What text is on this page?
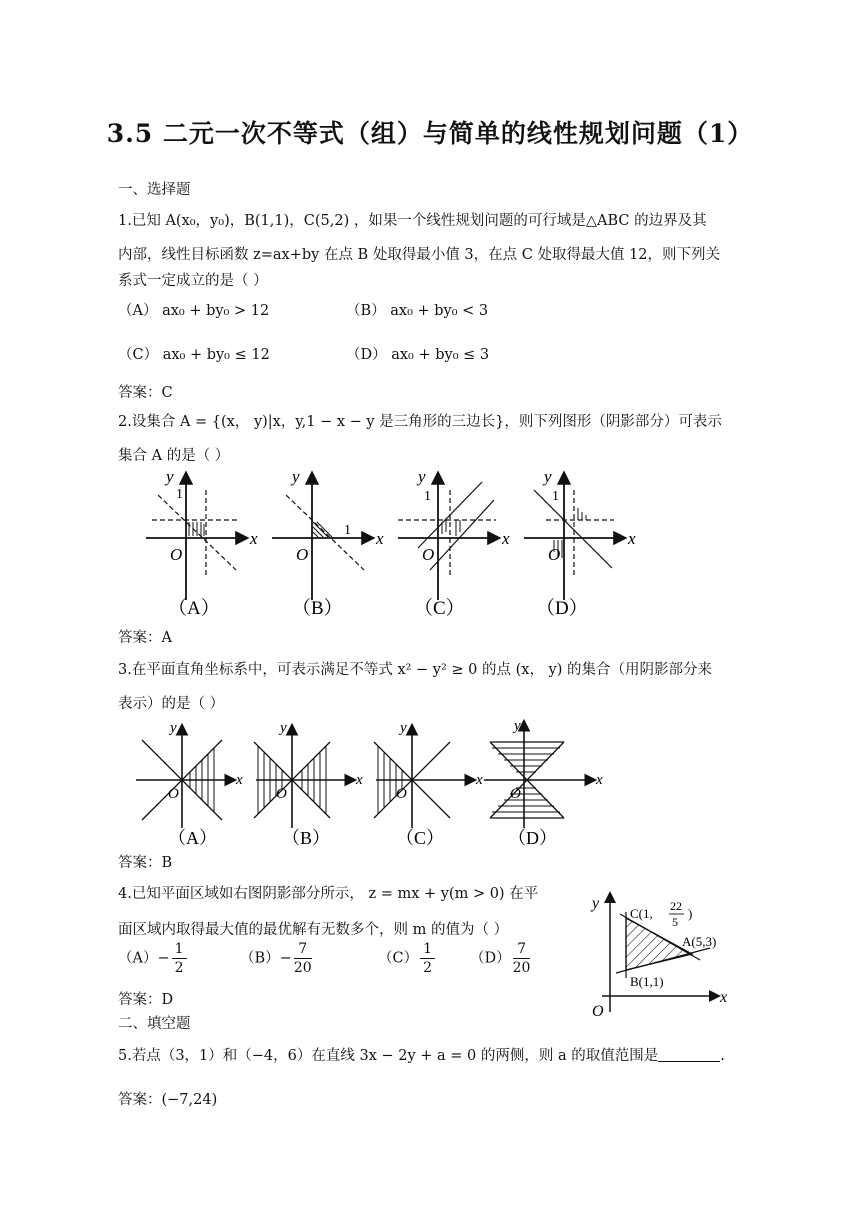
3.5 二元一次不等式（组）与简单的线性规划问题（1）
一、选择题
1.已知 A(x₀，y₀)，B(1,1)，C(5,2) ，如果一个线性规划问题的可行域是△ABC 的边界及其
内部，线性目标函数 z=ax+by 在点 B 处取得最小值 3，在点 C 处取得最大值 12，则下列关
系式一定成立的是（ ）
（A） ax₀ + by₀ > 12	（B） ax₀ + by₀ < 3
（C） ax₀ + by₀ ≤ 12	（D） ax₀ + by₀ ≤ 3
答案：C
2.设集合 A = {(x， y)|x，y,1 − x − y 是三角形的三边长}，则下列图形（阴影部分）可表示
集合 A 的是（ ）
y
x
O
1
y
x
O
1
y
x
O
1
y
x
O
1
（A）	（B）	（C）	（D）
答案：A
3.在平面直角坐标系中，可表示满足不等式 x² − y² ≥ 0 的点 (x， y) 的集合（用阴影部分来
表示）的是（ ）
y
x
O
y
x
O
y
x
O
y
x
O
（A）	（B）	（C）	（D）
答案：B
4.已知平面区域如右图阴影部分所示， z = mx + y(m > 0) 在平
面区域内取得最大值的最优解有无数多个，则 m 的值为（ ）
$(A)- \frac{1}{2}$	$(B)- \frac{7}{20}$	$(C) \frac{1}{2} (D) \frac{7}{20}$
答案：D
y
x
O
C(1, 22
5
)
A(5,3)
B(1,1)
二、填空题
5.若点（3，1）和（−4，6）在直线 3x − 2y + a = 0 的两侧，则 a 的取值范围是	.
答案：(−7,24)
